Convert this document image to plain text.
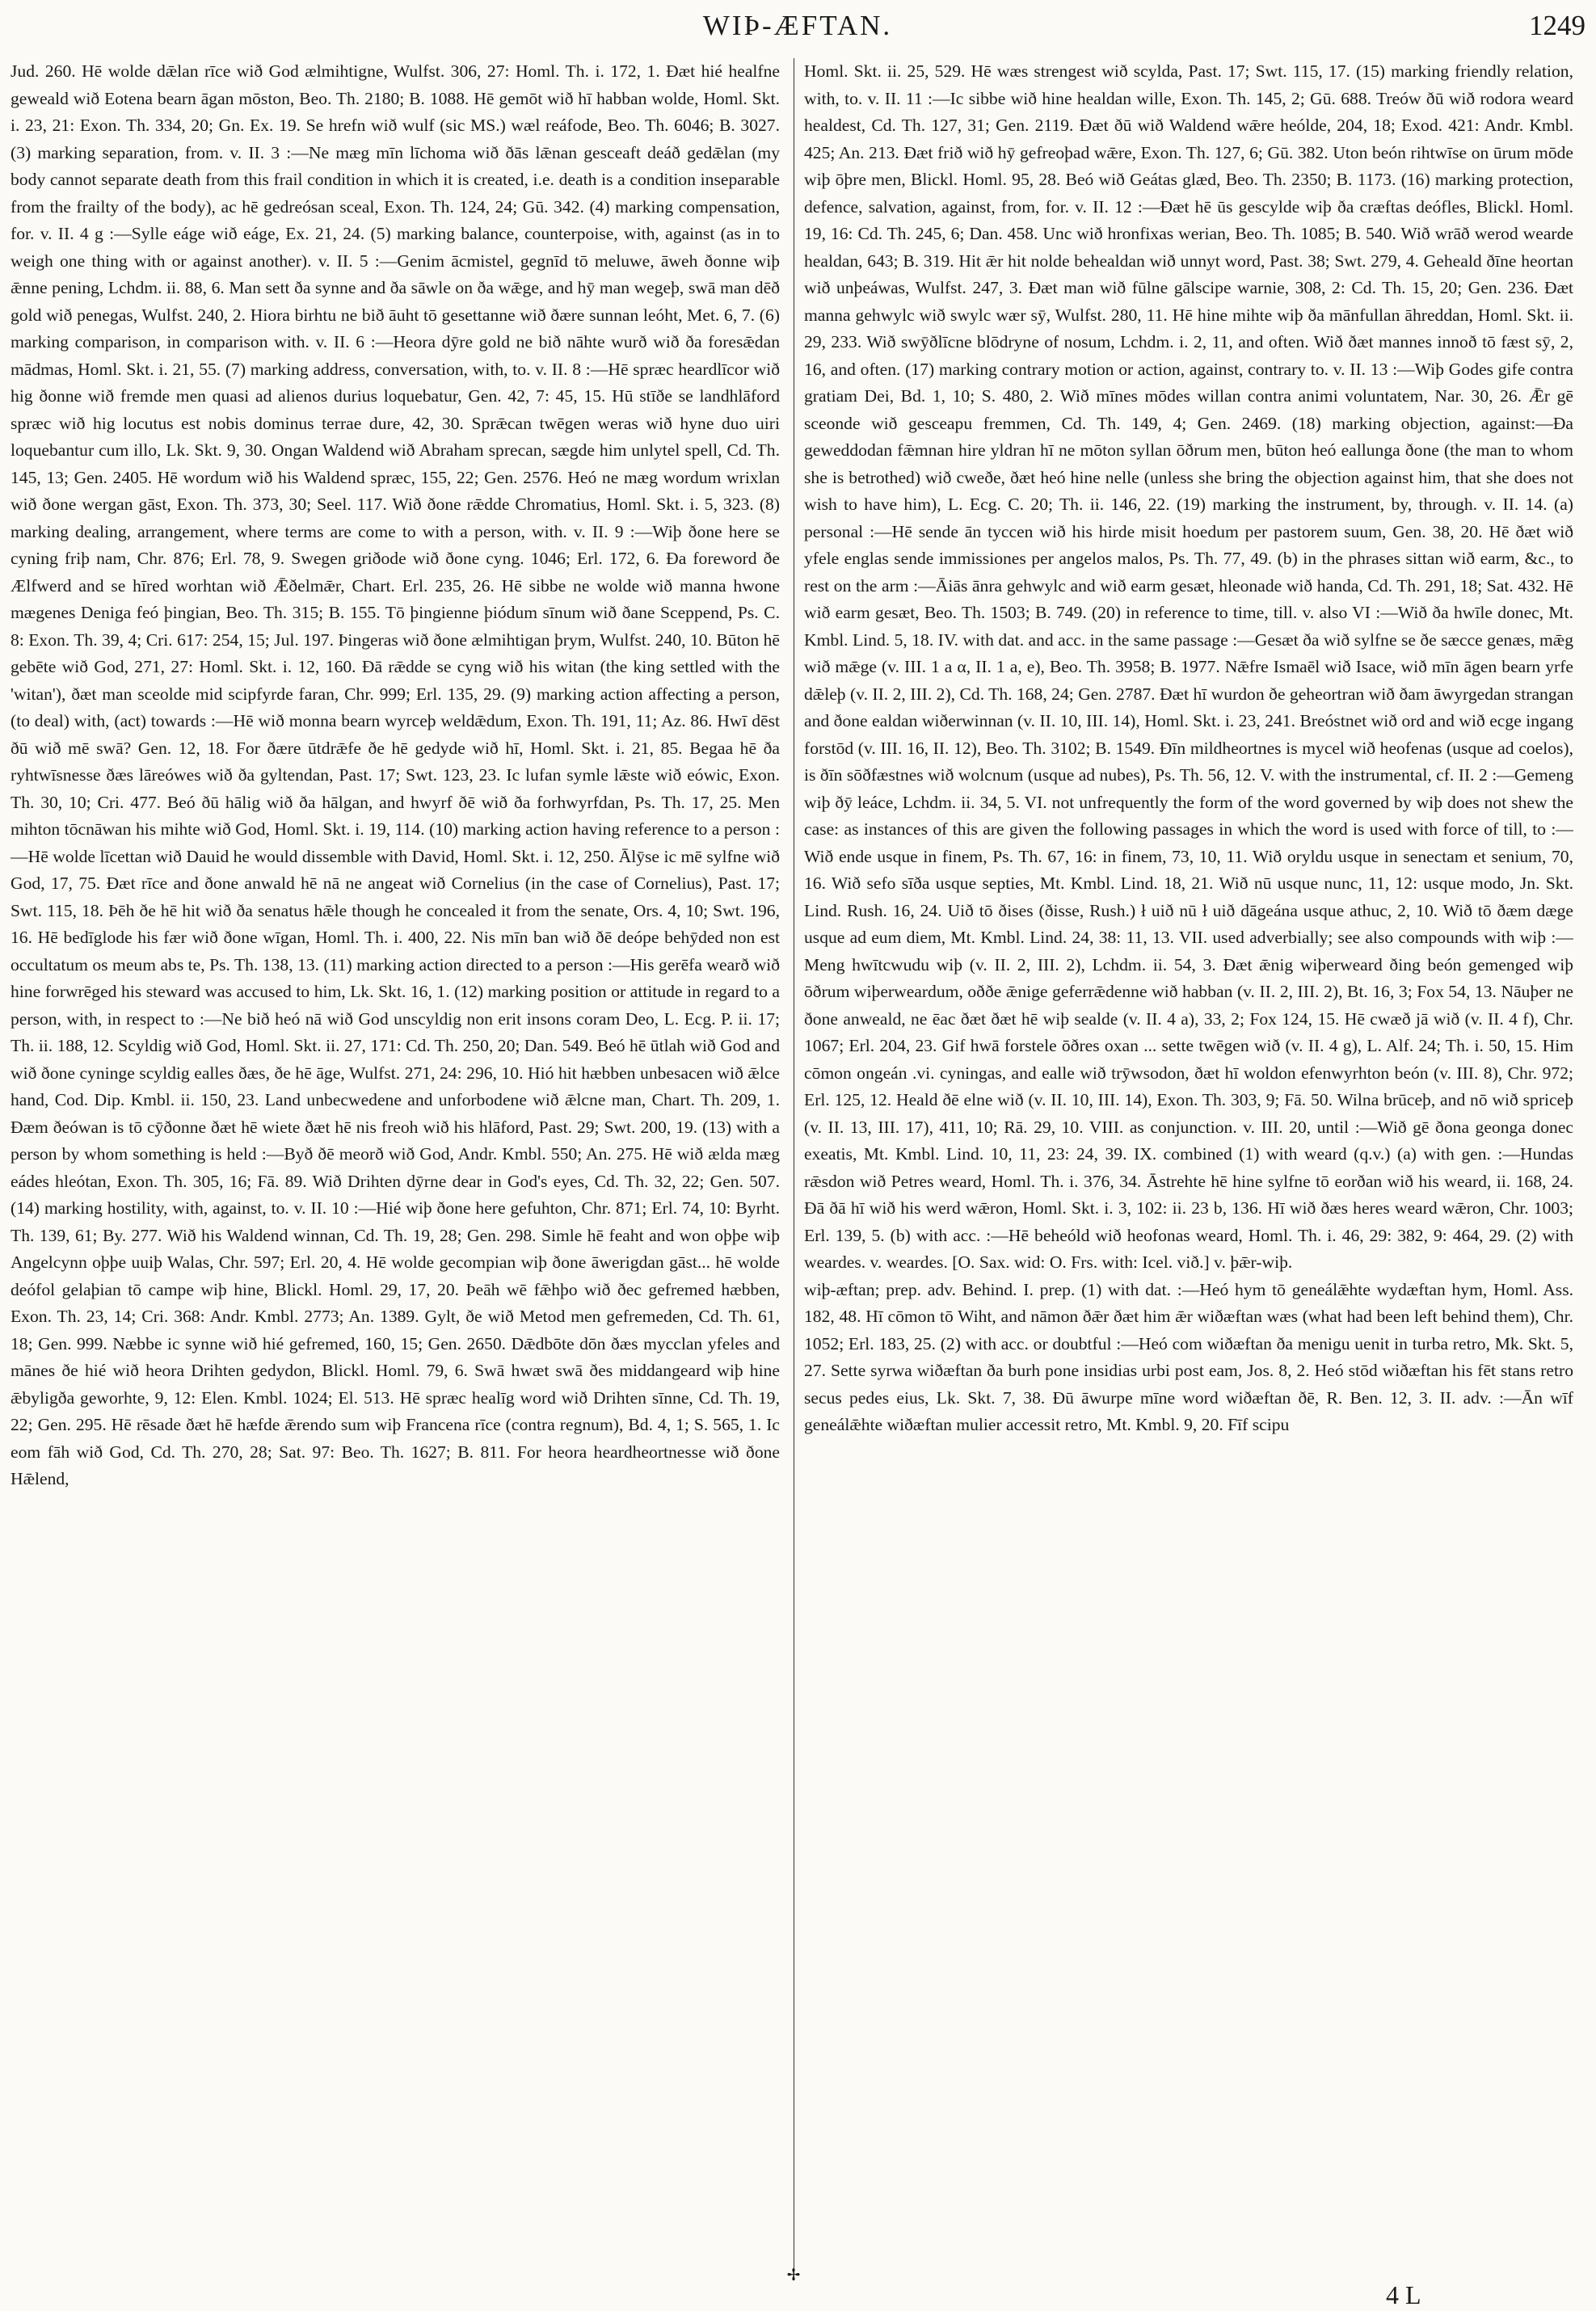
WIÞ-ÆFTAN.	1249

Jud. 260. Hē wolde dǣlan rīce wið God ælmihtigne, Wulfst. 306, 27: Homl. Th. i. 172, 1. Ðæt hié healfne geweald wið Eotena bearn āgan mōston, Beo. Th. 2180; B. 1088. Hē gemōt wið hī habban wolde, Homl. Skt. i. 23, 21: Exon. Th. 334, 20; Gn. Ex. 19. Se hrefn wið wulf (sic MS.) wæl reáfode, Beo. Th. 6046; B. 3027. (3) marking separation, from. v. II. 3 :—Ne mæg mīn līchoma wið ðās lǣnan gesceaft deáð gedǣlan (my body cannot separate death from this frail condition in which it is created, i.e. death is a condition inseparable from the frailty of the body), ac hē gedreósan sceal, Exon. Th. 124, 24; Gū. 342. (4) marking compensation, for. v. II. 4 g :—Sylle eáge wið eáge, Ex. 21, 24. (5) marking balance, counterpoise, with, against (as in to weigh one thing with or against another). v. II. 5 :—Genim ācmistel, gegnīd tō meluwe, āweh ðonne wiþ ǣnne pening, Lchdm. ii. 88, 6. Man sett ða synne and ða sāwle on ða wǣge, and hȳ man wegeþ, swā man dēð gold wið penegas, Wulfst. 240, 2. Hiora birhtu ne bið āuht tō gesettanne wið ðære sunnan leóht, Met. 6, 7. (6) marking comparison, in comparison with. v. II. 6 :—Heora dȳre gold ne bið nāhte wurð wið ða foresǣdan mādmas, Homl. Skt. i. 21, 55. (7) marking address, conversation, with, to. v. II. 8 :—Hē spræc heardlīcor wið hig ðonne wið fremde men quasi ad alienos durius loquebatur, Gen. 42, 7: 45, 15. Hū stīðe se landhlāford spræc wið hig locutus est nobis dominus terrae dure, 42, 30. Sprǣcan twēgen weras wið hyne duo uiri loquebantur cum illo, Lk. Skt. 9, 30. Ongan Waldend wið Abraham sprecan, sægde him unlytel spell, Cd. Th. 145, 13; Gen. 2405. Hē wordum wið his Waldend spræc, 155, 22; Gen. 2576. Heó ne mæg wordum wrixlan wið ðone wergan gāst, Exon. Th. 373, 30; Seel. 117. Wið ðone rǣdde Chromatius, Homl. Skt. i. 5, 323. (8) marking dealing, arrangement, where terms are come to with a person, with. v. II. 9 :—Wiþ ðone here se cyning friþ nam, Chr. 876; Erl. 78, 9. Swegen griðode wið ðone cyng. 1046; Erl. 172, 6. Ða foreword ðe Ælfwerd and se hīred worhtan wið Ǣðelmǣr, Chart. Erl. 235, 26. Hē sibbe ne wolde wið manna hwone mægenes Deniga feó þingian, Beo. Th. 315; B. 155. Tō þingienne þiódum sīnum wið ðane Sceppend, Ps. C. 8: Exon. Th. 39, 4; Cri. 617: 254, 15; Jul. 197. Þingeras wið ðone ælmihtigan þrym, Wulfst. 240, 10. Būton hē gebēte wið God, 271, 27: Homl. Skt. i. 12, 160. Ðā rǣdde se cyng wið his witan (the king settled with the 'witan'), ðæt man sceolde mid scipfyrde faran, Chr. 999; Erl. 135, 29. (9) marking action affecting a person, (to deal) with, (act) towards :—Hē wið monna bearn wyrceþ weldǣdum, Exon. Th. 191, 11; Az. 86. Hwī dēst ðū wið mē swā? Gen. 12, 18. For ðære ūtdrǣfe ðe hē gedyde wið hī, Homl. Skt. i. 21, 85. Begaa hē ða ryhtwīsnesse ðæs lāreówes wið ða gyltendan, Past. 17; Swt. 123, 23. Ic lufan symle lǣste wið eówic, Exon. Th. 30, 10; Cri. 477. Beó ðū hālig wið ða hālgan, and hwyrf ðē wið ða forhwyrfdan, Ps. Th. 17, 25. Men mihton tōcnāwan his mihte wið God, Homl. Skt. i. 19, 114. (10) marking action having reference to a person :—Hē wolde līcettan wið Dauid he would dissemble with David, Homl. Skt. i. 12, 250. Ālȳse ic mē sylfne wið God, 17, 75. Ðæt rīce and ðone anwald hē nā ne angeat wið Cornelius (in the case of Cornelius), Past. 17; Swt. 115, 18. Þēh ðe hē hit wið ða senatus hǣle though he concealed it from the senate, Ors. 4, 10; Swt. 196, 16. Hē bedīglode his fær wið ðone wīgan, Homl. Th. i. 400, 22. Nis mīn ban wið ðē deópe behȳded non est occultatum os meum abs te, Ps. Th. 138, 13. (11) marking action directed to a person :—His gerēfa wearð wið hine forwrēged his steward was accused to him, Lk. Skt. 16, 1. (12) marking position or attitude in regard to a person, with, in respect to :—Ne bið heó nā wið God unscyldig non erit insons coram Deo, L. Ecg. P. ii. 17; Th. ii. 188, 12. Scyldig wið God, Homl. Skt. ii. 27, 171: Cd. Th. 250, 20; Dan. 549. Beó hē ūtlah wið God and wið ðone cyninge scyldig ealles ðæs, ðe hē āge, Wulfst. 271, 24: 296, 10. Hió hit hæbben unbesacen wið ǣlce hand, Cod. Dip. Kmbl. ii. 150, 23. Land unbecwedene and unforbodene wið ǣlcne man, Chart. Th. 209, 1. Ðæm ðeówan is tō cȳðonne ðæt hē wiete ðæt hē nis freoh wið his hlāford, Past. 29; Swt. 200, 19. (13) with a person by whom something is held :—Byð ðē meorð wið God, Andr. Kmbl. 550; An. 275. Hē wið ælda mæg eádes hleótan, Exon. Th. 305, 16; Fā. 89. Wið Drihten dȳrne dear in God's eyes, Cd. Th. 32, 22; Gen. 507. (14) marking hostility, with, against, to. v. II. 10 :—Hié wiþ ðone here gefuhton, Chr. 871; Erl. 74, 10: Byrht. Th. 139, 61; By. 277. Wið his Waldend winnan, Cd. Th. 19, 28; Gen. 298. Simle hē feaht and won oþþe wiþ Angelcynn oþþe uuiþ Walas, Chr. 597; Erl. 20, 4. Hē wolde gecompian wiþ ðone āwerigdan gāst... hē wolde deófol gelaþian tō campe wiþ hine, Blickl. Homl. 29, 17, 20. Þeāh wē fǣhþo wið ðec gefremed hæbben, Exon. Th. 23, 14; Cri. 368: Andr. Kmbl. 2773; An. 1389. Gylt, ðe wið Metod men gefremeden, Cd. Th. 61, 18; Gen. 999. Næbbe ic synne wið hié gefremed, 160, 15; Gen. 2650. Dǣdbōte dōn ðæs mycclan yfeles and mānes ðe hié wið heora Drihten gedydon, Blickl. Homl. 79, 6. Swā hwæt swā ðes middangeard wiþ hine ǣbyligða geworhte, 9, 12: Elen. Kmbl. 1024; El. 513. Hē spræc healīg word wið Drihten sīnne, Cd. Th. 19, 22; Gen. 295. Hē rēsade ðæt hē hæfde ǣrendo sum wiþ Francena rīce (contra regnum), Bd. 4, 1; S. 565, 1. Ic eom fāh wið God, Cd. Th. 270, 28; Sat. 97: Beo. Th. 1627; B. 811. For heora heardheortnesse wið ðone Hǣlend,

Homl. Skt. ii. 25, 529. Hē wæs strengest wið scylda, Past. 17; Swt. 115, 17. (15) marking friendly relation, with, to. v. II. 11 :—Ic sibbe wið hine healdan wille, Exon. Th. 145, 2; Gū. 688. Treów ðū wið rodora weard healdest, Cd. Th. 127, 31; Gen. 2119. Ðæt ðū wið Waldend wǣre heólde, 204, 18; Exod. 421: Andr. Kmbl. 425; An. 213. Ðæt frið wið hȳ gefreoþad wǣre, Exon. Th. 127, 6; Gū. 382. Uton beón rihtwīse on ūrum mōde wiþ ōþre men, Blickl. Homl. 95, 28. Beó wið Geátas glæd, Beo. Th. 2350; B. 1173. (16) marking protection, defence, salvation, against, from, for. v. II. 12 :—Ðæt hē ūs gescylde wiþ ða cræftas deófles, Blickl. Homl. 19, 16: Cd. Th. 245, 6; Dan. 458. Unc wið hronfixas werian, Beo. Th. 1085; B. 540. Wið wrāð werod wearde healdan, 643; B. 319. Hit ǣr hit nolde behealdan wið unnyt word, Past. 38; Swt. 279, 4. Geheald ðīne heortan wið unþeáwas, Wulfst. 247, 3. Ðæt man wið fūlne gālscipe warnie, 308, 2: Cd. Th. 15, 20; Gen. 236. Ðæt manna gehwylc wið swylc wær sȳ, Wulfst. 280, 11. Hē hine mihte wiþ ða mānfullan āhreddan, Homl. Skt. ii. 29, 233. Wið swȳðlīcne blōdryne of nosum, Lchdm. i. 2, 11, and often. Wið ðæt mannes innoð tō fæst sȳ, 2, 16, and often. (17) marking contrary motion or action, against, contrary to. v. II. 13 :—Wiþ Godes gife contra gratiam Dei, Bd. 1, 10; S. 480, 2. Wið mīnes mōdes willan contra animi voluntatem, Nar. 30, 26. Ǣr gē sceonde wið gesceapu fremmen, Cd. Th. 149, 4; Gen. 2469. (18) marking objection, against:—Ða geweddodan fǣmnan hire yldran hī ne mōton syllan ōðrum men, būton heó eallunga ðone (the man to whom she is betrothed) wið cweðe, ðæt heó hine nelle (unless she bring the objection against him, that she does not wish to have him), L. Ecg. C. 20; Th. ii. 146, 22. (19) marking the instrument, by, through. v. II. 14. (a) personal :—Hē sende ān tyccen wið his hirde misit hoedum per pastorem suum, Gen. 38, 20. Hē ðæt wið yfele englas sende immissiones per angelos malos, Ps. Th. 77, 49. (b) in the phrases sittan wið earm, &c., to rest on the arm :—Āiās ānra gehwylc and wið earm gesæt, hleonade wið handa, Cd. Th. 291, 18; Sat. 432. Hē wið earm gesæt, Beo. Th. 1503; B. 749. (20) in reference to time, till. v. also VI :—Wið ða hwīle donec, Mt. Kmbl. Lind. 5, 18. IV. with dat. and acc. in the same passage :—Gesæt ða wið sylfne se ðe sæcce genæs, mǣg wið mǣge (v. III. 1 a α, II. 1 a, e), Beo. Th. 3958; B. 1977. Nǣfre Ismaēl wið Isace, wið mīn āgen bearn yrfe dǣleþ (v. II. 2, III. 2), Cd. Th. 168, 24; Gen. 2787. Ðæt hī wurdon ðe geheortran wið ðam āwyrgedan strangan and ðone ealdan wiðerwinnan (v. II. 10, III. 14), Homl. Skt. i. 23, 241. Breóstnet wið ord and wið ecge ingang forstōd (v. III. 16, II. 12), Beo. Th. 3102; B. 1549. Ðīn mildheortnes is mycel wið heofenas (usque ad coelos), is ðīn sōðfæstnes wið wolcnum (usque ad nubes), Ps. Th. 56, 12. V. with the instrumental, cf. II. 2 :—Gemeng wiþ ðȳ leáce, Lchdm. ii. 34, 5. VI. not unfrequently the form of the word governed by wiþ does not shew the case: as instances of this are given the following passages in which the word is used with force of till, to :—Wið ende usque in finem, Ps. Th. 67, 16: in finem, 73, 10, 11. Wið oryldu usque in senectam et senium, 70, 16. Wið sefo sīða usque septies, Mt. Kmbl. Lind. 18, 21. Wið nū usque nunc, 11, 12: usque modo, Jn. Skt. Lind. Rush. 16, 24. Uið tō ðises (ðisse, Rush.) ł uið nū ł uið dāgeána usque athuc, 2, 10. Wið tō ðæm dæge usque ad eum diem, Mt. Kmbl. Lind. 24, 38: 11, 13. VII. used adverbially; see also compounds with wiþ :—Meng hwītcwudu wiþ (v. II. 2, III. 2), Lchdm. ii. 54, 3. Ðæt ǣnig wiþerweard ðing beón gemenged wiþ ōðrum wiþerweardum, oððe ǣnige geferrǣdenne wið habban (v. II. 2, III. 2), Bt. 16, 3; Fox 54, 13. Nāuþer ne ðone anweald, ne ēac ðæt ðæt hē wiþ sealde (v. II. 4 a), 33, 2; Fox 124, 15. Hē cwæð jā wið (v. II. 4 f), Chr. 1067; Erl. 204, 23. Gif hwā forstele ōðres oxan ... sette twēgen wið (v. II. 4 g), L. Alf. 24; Th. i. 50, 15. Him cōmon ongeán .vi. cyningas, and ealle wið trȳwsodon, ðæt hī woldon efenwyrhton beón (v. III. 8), Chr. 972; Erl. 125, 12. Heald ðē elne wið (v. II. 10, III. 14), Exon. Th. 303, 9; Fā. 50. Wilna brūceþ, and nō wið spriceþ (v. II. 13, III. 17), 411, 10; Rā. 29, 10. VIII. as conjunction. v. III. 20, until :—Wið gē ðona geonga donec exeatis, Mt. Kmbl. Lind. 10, 11, 23: 24, 39. IX. combined (1) with weard (q.v.) (a) with gen. :—Hundas rǣsdon wið Petres weard, Homl. Th. i. 376, 34. Āstrehte hē hine sylfne tō eorðan wið his weard, ii. 168, 24. Ðā ðā hī wið his werd wǣron, Homl. Skt. i. 3, 102: ii. 23 b, 136. Hī wið ðæs heres weard wǣron, Chr. 1003; Erl. 139, 5. (b) with acc. :—Hē beheóld wið heofonas weard, Homl. Th. i. 46, 29: 382, 9: 464, 29. (2) with weardes. v. weardes. [O. Sax. wid: O. Frs. with: Icel. við.] v. þǣr-wiþ.

wiþ-æftan; prep. adv. Behind. I. prep. (1) with dat. :—Heó hym tō geneálǣhte wydæftan hym, Homl. Ass. 182, 48. Hī cōmon tō Wiht, and nāmon ðǣr ðæt him ǣr wiðæftan wæs (what had been left behind them), Chr. 1052; Erl. 183, 25. (2) with acc. or doubtful :—Heó com wiðæftan ða menigu uenit in turba retro, Mk. Skt. 5, 27. Sette syrwa wiðæftan ða burh pone insidias urbi post eam, Jos. 8, 2. Heó stōd wiðæftan his fēt stans retro secus pedes eius, Lk. Skt. 7, 38. Ðū āwurpe mīne word wiðæftan ðē, R. Ben. 12, 3. II. adv. :—Ān wīf geneálǣhte wiðæftan mulier accessit retro, Mt. Kmbl. 9, 20. Fīf scipu

✢
4 L
